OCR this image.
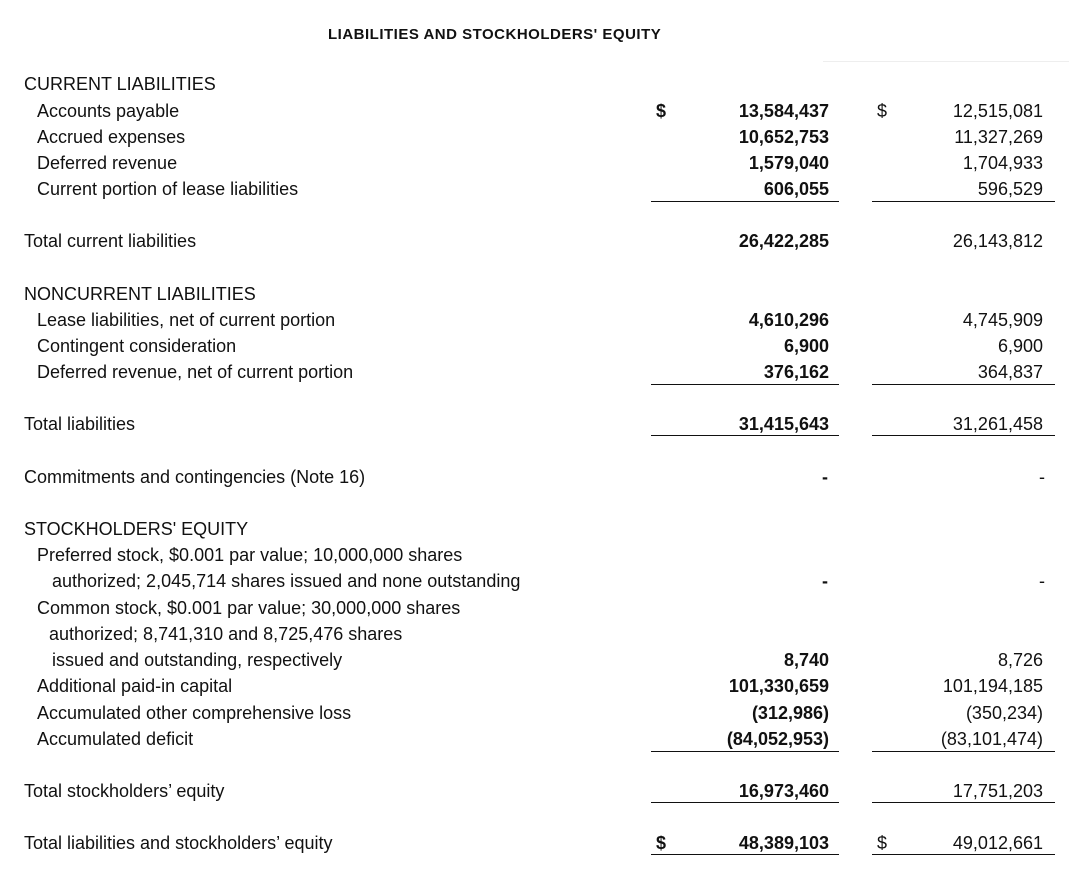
LIABILITIES AND STOCKHOLDERS' EQUITY
CURRENT LIABILITIES
Accounts payable	$	13,584,437	$	12,515,081
Accrued expenses	10,652,753	11,327,269
Deferred revenue	1,579,040	1,704,933
Current portion of lease liabilities	606,055	596,529
Total current liabilities	26,422,285	26,143,812
NONCURRENT LIABILITIES
Lease liabilities, net of current portion	4,610,296	4,745,909
Contingent consideration	6,900	6,900
Deferred revenue, net of current portion	376,162	364,837
Total liabilities	31,415,643	31,261,458
Commitments and contingencies (Note 16)	-	-
STOCKHOLDERS' EQUITY
Preferred stock, $0.001 par value; 10,000,000 shares
authorized; 2,045,714 shares issued and none outstanding	-	-
Common stock, $0.001 par value; 30,000,000 shares
authorized; 8,741,310 and 8,725,476 shares
issued and outstanding, respectively	8,740	8,726
Additional paid-in capital	101,330,659	101,194,185
Accumulated other comprehensive loss	(312,986)	(350,234)
Accumulated deficit	(84,052,953)	(83,101,474)
Total stockholders’ equity	16,973,460	17,751,203
Total liabilities and stockholders’ equity	$	48,389,103	$	49,012,661
